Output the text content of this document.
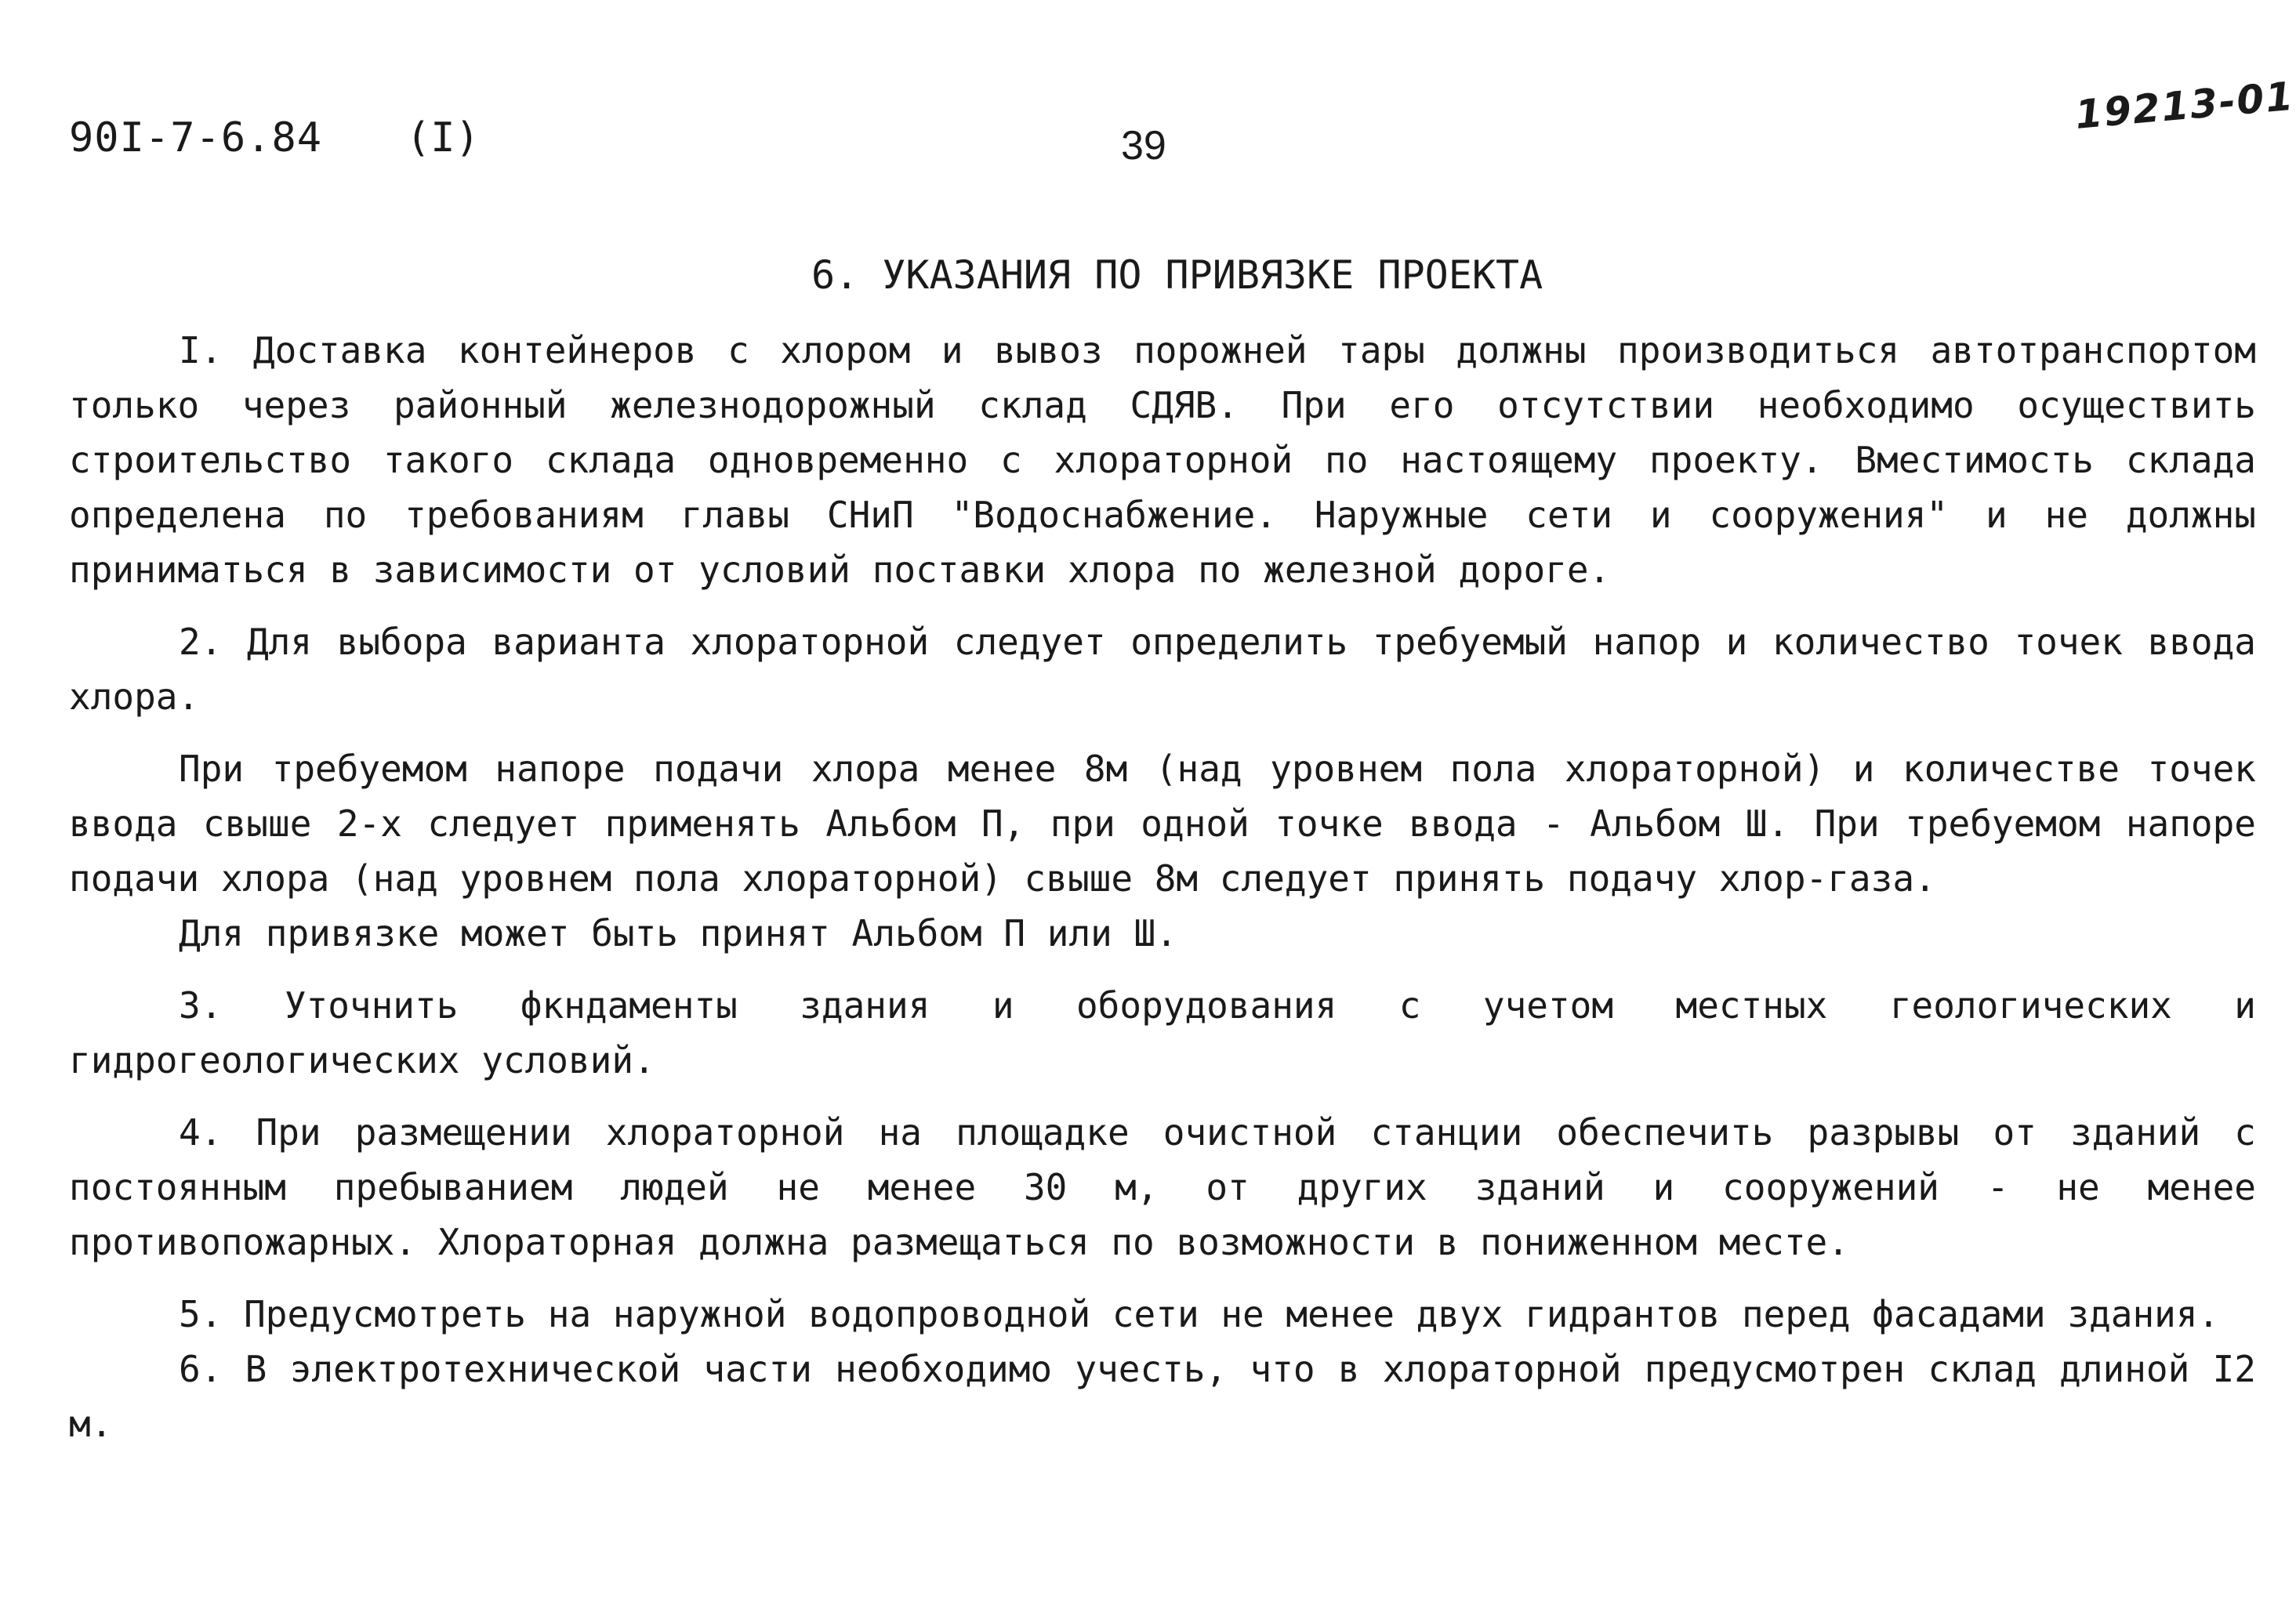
90I-7-6.84 (I)	39
19213-01
6. УКАЗАНИЯ ПО ПРИВЯЗКЕ ПРОЕКТА

I. Доставка контейнеров с хлором и вывоз порожней тары должны производиться автотранспортом только через районный железнодорожный склад СДЯВ. При его отсутствии необходимо осуществить строительство такого склада одновременно с хлораторной по настоящему проекту. Вместимость склада определена по требованиям главы СНиП "Водоснабжение. Наружные сети и сооружения" и не должны приниматься в зависимости от условий поставки хлора по железной дороге.

2. Для выбора варианта хлораторной следует определить требуемый напор и количество точек ввода хлора.

При требуемом напоре подачи хлора менее 8м (над уровнем пола хлораторной) и количестве точек ввода свыше 2-х следует применять Альбом П, при одной точке ввода - Альбом Ш. При требуемом напоре подачи хлора (над уровнем пола хлораторной) свыше 8м следует принять подачу хлор-газа.

Для привязке может быть принят Альбом П или Ш.

3. Уточнить фкндаменты здания и оборудования с учетом местных геологических и гидрогеологических условий.

4. При размещении хлораторной на площадке очистной станции обеспечить разрывы от зданий с постоянным пребыванием людей не менее 30 м, от других зданий и сооружений - не менее противопожарных. Хлораторная должна размещаться по возможности в пониженном месте.

5. Предусмотреть на наружной водопроводной сети не менее двух гидрантов перед фасадами здания.

6. В электротехнической части необходимо учесть, что в хлораторной предусмотрен склад длиной I2 м.
